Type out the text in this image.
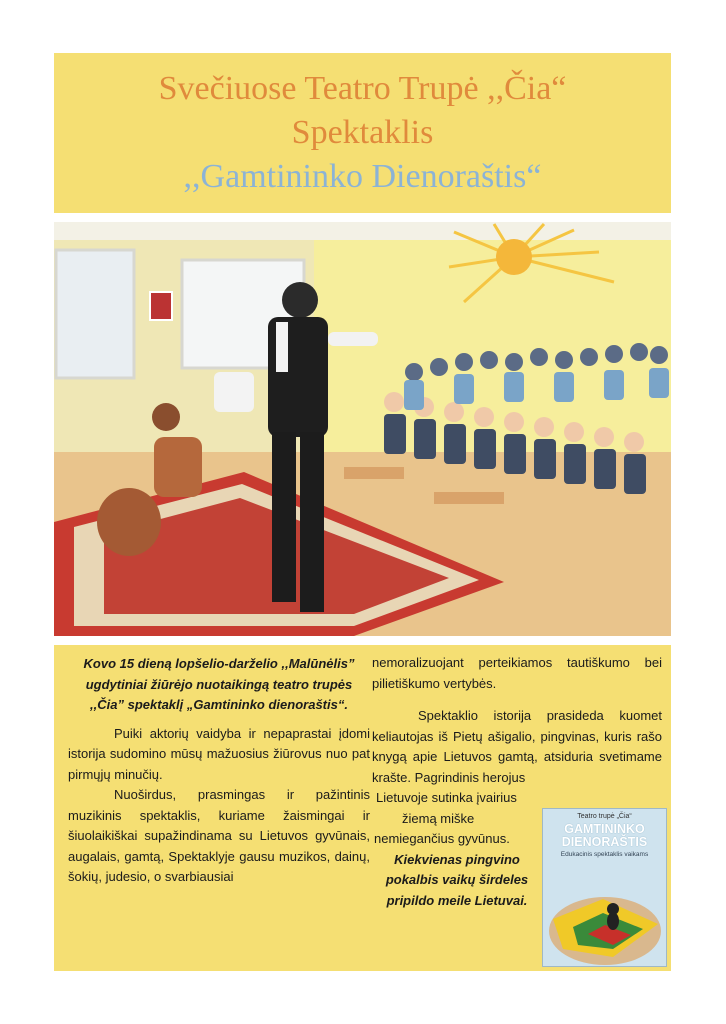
Svečiuose Teatro Trupė ,,Čia“
Spektaklis
,,Gamtininko Dienoraštis“
Kovo 15 dieną lopšelio-darželio ,,Malūnėlis” ugdytiniai žiūrėjo nuotaikingą teatro trupės ,,Čia” spektaklį „Gamtininko dienoraštis“.
Puiki aktorių vaidyba ir nepaprastai įdomi istorija sudomino mūsų mažuosius žiūrovus nuo pat pirmųjų minučių.
Nuoširdus, prasmingas ir pažintinis muzikinis spektaklis, kuriame žaismingai ir šiuolaikiškai supažindinama su Lietuvos gyvūnais, augalais, gamtą, Spektaklyje gausu muzikos, dainų, šokių, judesio, o svarbiausiai
nemoralizuojant perteikiamos tautiškumo bei pilietiškumo vertybės.
Spektaklio istorija prasideda kuomet keliautojas iš Pietų ašigalio, pingvinas, kuris rašo knygą apie Lietuvos gamtą, atsiduria svetimame krašte. Pagrindinis herojus
Lietuvoje sutinka įvairius
žiemą miške
nemiegančius gyvūnus.
Kiekvienas pingvino pokalbis vaikų širdeles pripildo meile Lietuvai.
Teatro trupė „Čia“
GAMTININKO DIENORAŠTIS
Edukacinis spektaklis vaikams
